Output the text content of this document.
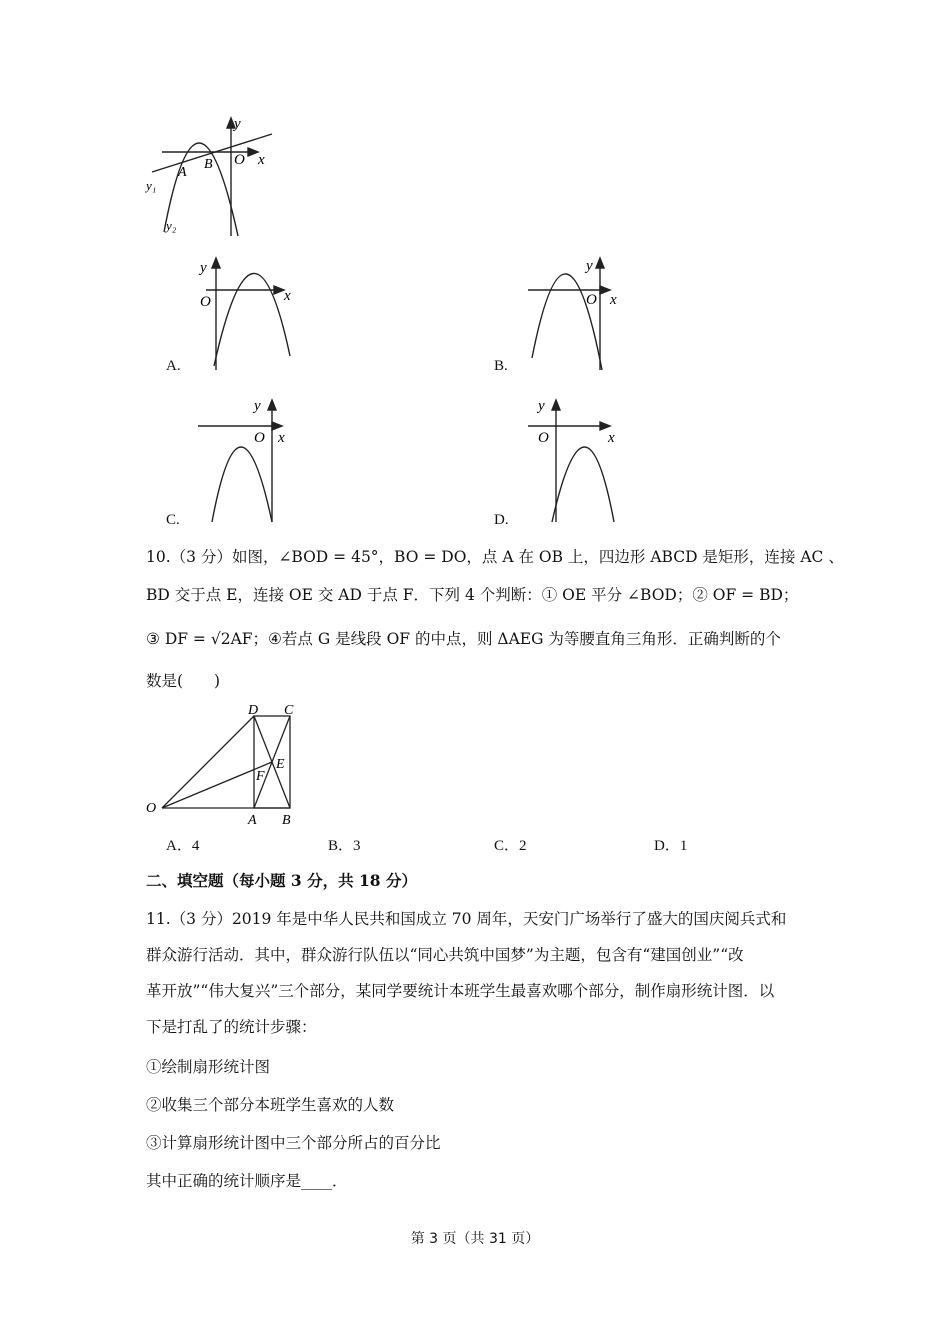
y
x
O
A
B
y₁
y₂
y
x
O
A.
y
x
O
B.
y
x
O
C.
y
x
O
D.
10.（3 分）如图，∠BOD = 45°，BO = DO，点 A 在 OB 上，四边形 ABCD 是矩形，连接 AC 、
BD 交于点 E，连接 OE 交 AD 于点 F．下列 4 个判断：① OE 平分 ∠BOD；② OF = BD；
③ DF = √2AF；④若点 G 是线段 OF 的中点，则 ΔAEG 为等腰直角三角形．正确判断的个
数是(　　)
D C
E
F
O
A B
A．4	B．3	C．2	D．1
二、填空题（每小题 3 分，共 18 分）
11.（3 分）2019 年是中华人民共和国成立 70 周年，天安门广场举行了盛大的国庆阅兵式和
群众游行活动．其中，群众游行队伍以“同心共筑中国梦”为主题，包含有“建国创业”“改
革开放”“伟大复兴”三个部分，某同学要统计本班学生最喜欢哪个部分，制作扇形统计图．以
下是打乱了的统计步骤：
①绘制扇形统计图
②收集三个部分本班学生喜欢的人数
③计算扇形统计图中三个部分所占的百分比
其中正确的统计顺序是____．
第 3 页（共 31 页）
